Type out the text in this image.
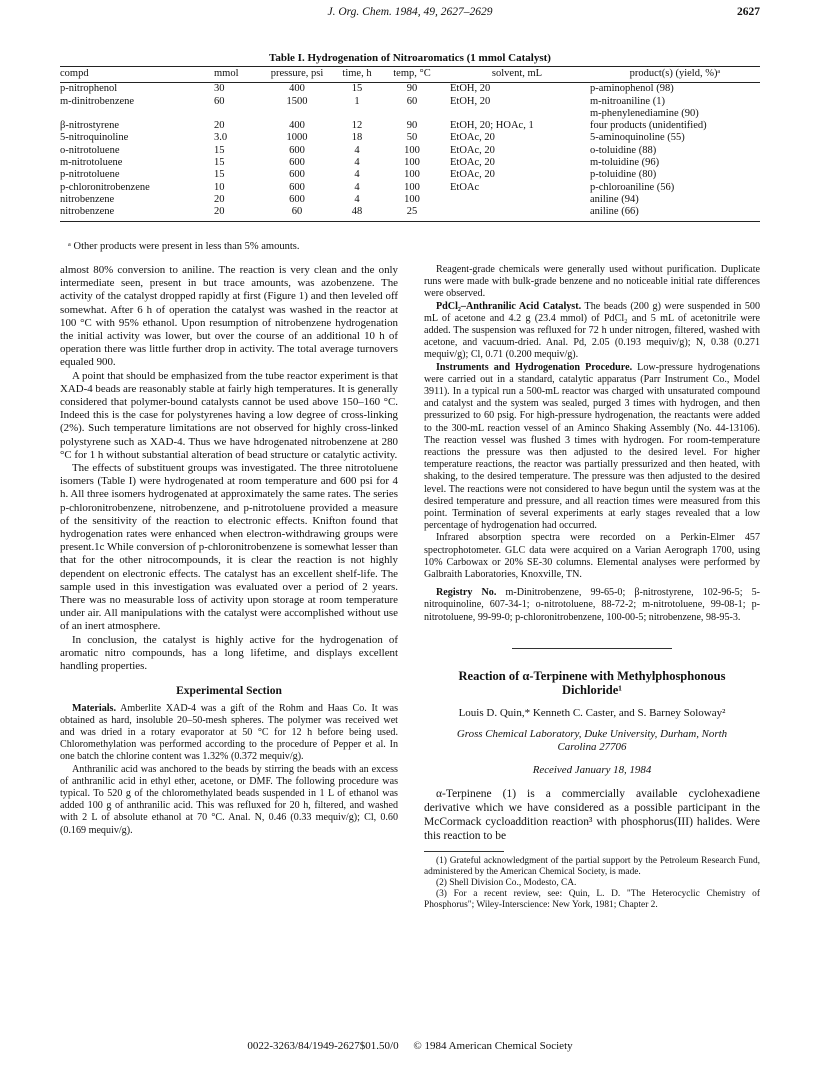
J. Org. Chem. 1984, 49, 2627–2629	2627
Table I. Hydrogenation of Nitroaromatics (1 mmol Catalyst)
compd	mmol	pressure, psi	time, h	temp, °C	solvent, mL	product(s) (yield, %)ᵃ
p-nitrophenol	30	400	15	90	EtOH, 20	p-aminophenol (98)

m-dinitrobenzene	60	1500	1	60	EtOH, 20	m-nitroaniline (1)
m-phenylenediamine (90)

β-nitrostyrene	20	400	12	90	EtOH, 20; HOAc, 1	four products (unidentified)

5-nitroquinoline	3.0	1000	18	50	EtOAc, 20	5-aminoquinoline (55)

o-nitrotoluene	15	600	4	100	EtOAc, 20	o-toluidine (88)

m-nitrotoluene	15	600	4	100	EtOAc, 20	m-toluidine (96)

p-nitrotoluene	15	600	4	100	EtOAc, 20	p-toluidine (80)

p-chloronitrobenzene	10	600	4	100	EtOAc	p-chloroaniline (56)

nitrobenzene	20	600	4	100		aniline (94)

nitrobenzene	20	60	48	25		aniline (66)
ᵃ Other products were present in less than 5% amounts.

almost 80% conversion to aniline. The reaction is very clean and the only intermediate seen, present in but trace amounts, was azobenzene. The activity of the catalyst dropped rapidly at first (Figure 1) and then leveled off somewhat. After 6 h of operation the catalyst was washed in the reactor at 100 °C with 95% ethanol. Upon resumption of nitrobenzene hydrogenation the initial activity was lower, but over the course of an additional 10 h of operation there was little further drop in activity. The total average turnovers equaled 900.

A point that should be emphasized from the tube reactor experiment is that XAD-4 beads are reasonably stable at fairly high temperatures. It is generally considered that polymer-bound catalysts cannot be used above 150–160 °C. Indeed this is the case for polystyrenes having a low degree of cross-linking (2%). Such temperature limitations are not observed for highly cross-linked polystyrene such as XAD-4. Thus we have hdrogenated nitrobenzene at 280 °C for 1 h without substantial alteration of bead structure or catalytic activity.

The effects of substituent groups was investigated. The three nitrotoluene isomers (Table I) were hydrogenated at room temperature and 600 psi for 4 h. All three isomers hydrogenated at approximately the same rates. The series p-chloronitrobenzene, nitrobenzene, and p-nitrotoluene provided a measure of the sensitivity of the reaction to electronic effects. Knifton found that hydrogenation rates were enhanced when electron-withdrawing groups were present.1c While conversion of p-chloronitrobenzene is somewhat lesser than that for the other nitrocompounds, it is clear the reaction is not highly dependent on electronic effects. The catalyst has an excellent shelf-life. The sample used in this investigation was evaluated over a period of 2 years. There was no measurable loss of activity upon storage at room temperature under air. All manipulations with the catalyst were accomplished without use of an inert atmosphere.

In conclusion, the catalyst is highly active for the hydrogenation of aromatic nitro compounds, has a long lifetime, and displays excellent handling properties.

Experimental Section

Materials. Amberlite XAD-4 was a gift of the Rohm and Haas Co. It was obtained as hard, insoluble 20–50-mesh spheres. The polymer was received wet and was dried in a rotary evaporator at 50 °C for 12 h before being used. Chloromethylation was performed according to the procedure of Pepper et al. In one batch the chlorine content was 1.32% (0.372 mequiv/g).

Anthranilic acid was anchored to the beads by stirring the beads with an excess of anthranilic acid in ethyl ether, acetone, or DMF. The following procedure was typical. To 520 g of the chloromethylated beads suspended in 1 L of ethanol was added 100 g of anthranilic acid. This was refluxed for 20 h, filtered, and washed with 2 L of absolute ethanol at 70 °C. Anal. N, 0.46 (0.33 mequiv/g); Cl, 0.60 (0.169 mequiv/g).

Reagent-grade chemicals were generally used without purification. Duplicate runs were made with bulk-grade benzene and no noticeable initial rate differences were observed.

PdCl₂–Anthranilic Acid Catalyst. The beads (200 g) were suspended in 500 mL of acetone and 4.2 g (23.4 mmol) of PdCl₂ and 5 mL of acetonitrile were added. The suspension was refluxed for 72 h under nitrogen, filtered, washed with acetone, and vacuum-dried. Anal. Pd, 2.05 (0.193 mequiv/g); N, 0.38 (0.271 mequiv/g); Cl, 0.71 (0.200 mequiv/g).

Instruments and Hydrogenation Procedure. Low-pressure hydrogenations were carried out in a standard, catalytic apparatus (Parr Instrument Co., Model 3911). In a typical run a 500-mL reactor was charged with unsaturated compound and catalyst and the system was sealed, purged 3 times with hydrogen, and then pressurized to 60 psig. For high-pressure hydrogenation, the reactants were added to the 300-mL reaction vessel of an Aminco Shaking Assembly (No. 44-13106). The reaction vessel was flushed 3 times with hydrogen. For room-temperature reactions the pressure was then adjusted to the desired level. For higher temperature reactions, the reactor was partially pressurized and then heated, with shaking, to the desired temperature. The pressure was then adjusted to the desired level. The reactions were not considered to have begun until the system was at the desired temperature and pressure, and all reaction times were measured from this point. Termination of several experiments at early stages revealed that a low percentage of hydrogenation had occurred.

Infrared absorption spectra were recorded on a Perkin-Elmer 457 spectrophotometer. GLC data were acquired on a Varian Aerograph 1700, using 10% Carbowax or 20% SE-30 columns. Elemental analyses were performed by Galbraith Laboratories, Knoxville, TN.

Registry No. m-Dinitrobenzene, 99-65-0; β-nitrostyrene, 102-96-5; 5-nitroquinoline, 607-34-1; o-nitrotoluene, 88-72-2; m-nitrotoluene, 99-08-1; p-nitrotoluene, 99-99-0; p-chloronitrobenzene, 100-00-5; nitrobenzene, 98-95-3.

Reaction of α-Terpinene with Methylphosphonous Dichloride¹
Louis D. Quin,* Kenneth C. Caster, and S. Barney Soloway²
Gross Chemical Laboratory, Duke University, Durham, North Carolina 27706
Received January 18, 1984

α-Terpinene (1) is a commercially available cyclohexadiene derivative which we have considered as a possible participant in the McCormack cycloaddition reaction³ with phosphorus(III) halides. Were this reaction to be

(1) Grateful acknowledgment of the partial support by the Petroleum Research Fund, administered by the American Chemical Society, is made.

(2) Shell Division Co., Modesto, CA.

(3) For a recent review, see: Quin, L. D. "The Heterocyclic Chemistry of Phosphorus"; Wiley-Interscience: New York, 1981; Chapter 2.

0022-3263/84/1949-2627$01.50/0 © 1984 American Chemical Society
